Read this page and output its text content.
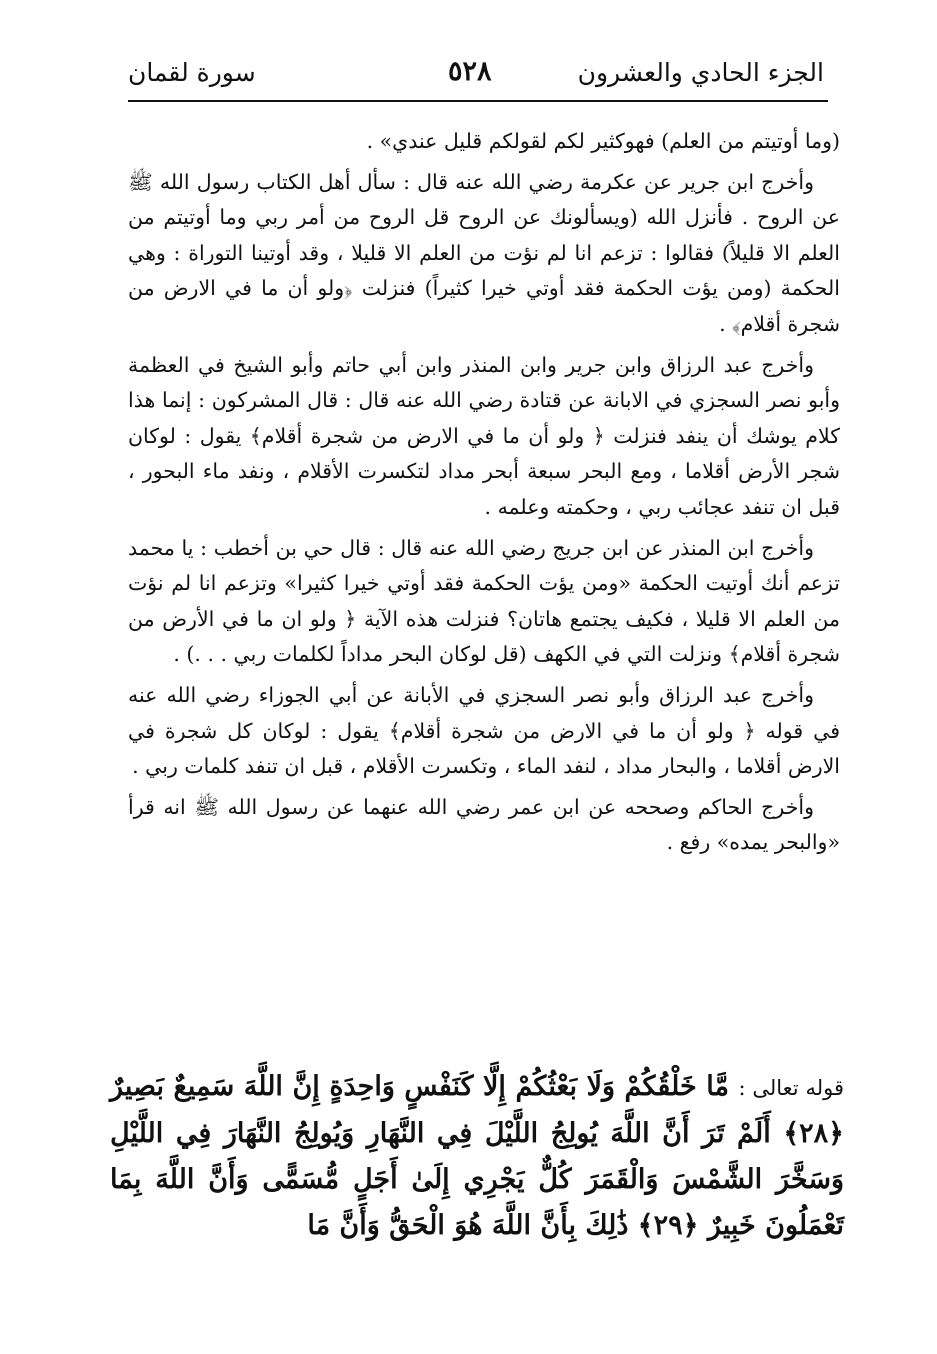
الجزء الحادي والعشرون
٥٢٨
سورة لقمان

(وما أوتيتم من العلم) فهوكثير لكم لقولكم قليل عندي» .

وأخرج ابن جرير عن عكرمة رضي الله عنه قال : سأل أهل الكتاب رسول الله ﷺ عن الروح . فأنزل الله (ويسألونك عن الروح قل الروح من أمر ربي وما أوتيتم من العلم الا قليلاً) فقالوا : تزعم انا لم نؤت من العلم الا قليلا ، وقد أوتينا التوراة : وهي الحكمة (ومن يؤت الحكمة فقد أوتي خيرا كثيراً) فنزلت ﴿ولو أن ما في الارض من شجرة أقلام﴾ .

وأخرج عبد الرزاق وابن جرير وابن المنذر وابن أبي حاتم وأبو الشيخ في العظمة وأبو نصر السجزي في الابانة عن قتادة رضي الله عنه قال : قال المشركون : إنما هذا كلام يوشك أن ينفد فنزلت ﴿ ولو أن ما في الارض من شجرة أقلام﴾ يقول : لوكان شجر الأرض أقلاما ، ومع البحر سبعة أبحر مداد لتكسرت الأقلام ، ونفد ماء البحور ، قبل ان تنفد عجائب ربي ، وحكمته وعلمه .

وأخرج ابن المنذر عن ابن جريج رضي الله عنه قال : قال حي بن أخطب : يا محمد تزعم أنك أوتيت الحكمة «ومن يؤت الحكمة فقد أوتي خيرا كثيرا» وتزعم انا لم نؤت من العلم الا قليلا ، فكيف يجتمع هاتان؟ فنزلت هذه الآية ﴿ ولو ان ما في الأرض من شجرة أقلام﴾ ونزلت التي في الكهف (قل لوكان البحر مداداً لكلمات ربي . . .) .

وأخرج عبد الرزاق وأبو نصر السجزي في الأبانة عن أبي الجوزاء رضي الله عنه في قوله ﴿ ولو أن ما في الارض من شجرة أقلام﴾ يقول : لوكان كل شجرة في الارض أقلاما ، والبحار مداد ، لنفد الماء ، وتكسرت الأقلام ، قبل ان تنفد كلمات ربي .

وأخرج الحاكم وصححه عن ابن عمر رضي الله عنهما عن رسول الله ﷺ انه قرأ «والبحر يمده» رفع .

قوله تعالى : مَّا خَلْقُكُمْ وَلَا بَعْثُكُمْ إِلَّا كَنَفْسٍ وَاحِدَةٍ إِنَّ اللَّهَ سَمِيعٌ بَصِيرٌ ﴿٢٨﴾ أَلَمْ تَرَ أَنَّ اللَّهَ يُولِجُ اللَّيْلَ فِي النَّهَارِ وَيُولِجُ النَّهَارَ فِي اللَّيْلِ وَسَخَّرَ الشَّمْسَ وَالْقَمَرَ كُلٌّ يَجْرِي إِلَىٰ أَجَلٍ مُّسَمًّى وَأَنَّ اللَّهَ بِمَا تَعْمَلُونَ خَبِيرٌ ﴿٢٩﴾ ذَٰلِكَ بِأَنَّ اللَّهَ هُوَ الْحَقُّ وَأَنَّ مَا
